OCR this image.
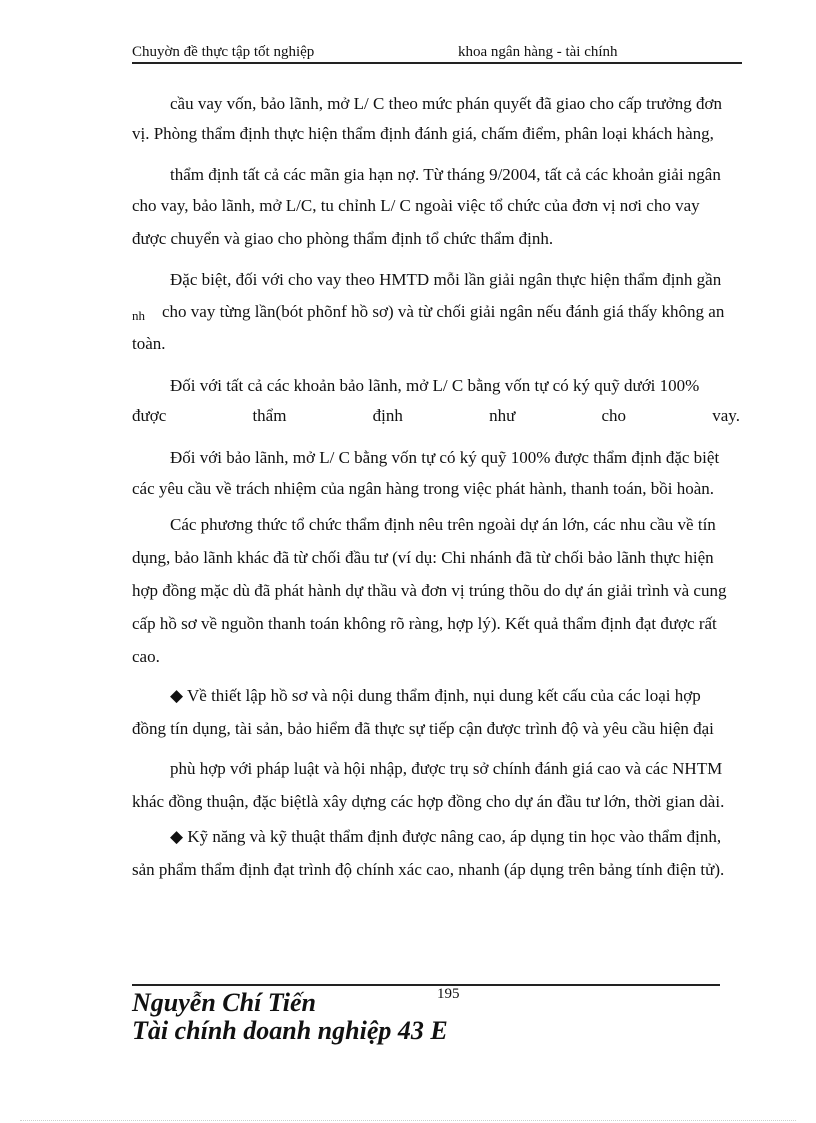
Chuyờn đề thực tập tốt nghiệp	khoa ngân hàng - tài chính
cầu vay vốn, bảo lãnh, mở L/ C theo mức phán quyết đã giao cho cấp trưởng đơn
vị. Phòng thẩm định thực hiện thẩm định đánh giá, chấm điểm, phân loại khách hàng,
thẩm định tất cả các mãn gia hạn nợ. Từ tháng 9/2004, tất cả các khoản giải ngân
cho vay, bảo lãnh, mở L/C, tu chỉnh L/ C ngoài việc tổ chức của đơn vị nơi cho vay
được chuyển và giao cho phòng thẩm định tổ chức thẩm định.
Đặc biệt, đối với cho vay theo HMTD mỗi lần giải ngân thực hiện thẩm định gần
nh cho vay từng lần(bót phõnf hồ sơ) và từ chối giải ngân nếu đánh giá thấy không an
toàn.
Đối với tất cả các khoản bảo lãnh, mở L/ C bằng vốn tự có ký quỹ dưới 100%
được	thẩm	định	như	cho	vay.
Đối với bảo lãnh, mở L/ C bằng vốn tự có ký quỹ 100% được thẩm định đặc biệt
các yêu cầu về trách nhiệm của ngân hàng trong việc phát hành, thanh toán, bồi hoàn.
Các phương thức tổ chức thẩm định nêu trên ngoài dự án lớn, các nhu cầu về tín
dụng, bảo lãnh khác đã từ chối đầu tư (ví dụ: Chi nhánh đã từ chối bảo lãnh thực hiện
hợp đồng mặc dù đã phát hành dự thầu và đơn vị trúng thõu do dự án giải trình và cung
cấp hồ sơ về nguồn thanh toán không rõ ràng, hợp lý). Kết quả thẩm định đạt được rất
cao.
◆ Về thiết lập hồ sơ và nội dung thẩm định, nụi dung kết cấu của các loại hợp
đồng tín dụng, tài sản, bảo hiểm đã thực sự tiếp cận được trình độ và yêu cầu hiện đại
phù hợp với pháp luật và hội nhập, được trụ sở chính đánh giá cao và các NHTM
khác đồng thuận, đặc biệtlà xây dựng các hợp đồng cho dự án đầu tư lớn, thời gian dài.
◆ Kỹ năng và kỹ thuật thẩm định được nâng cao, áp dụng tin học vào thẩm định,
sản phẩm thẩm định đạt trình độ chính xác cao, nhanh (áp dụng trên bảng tính điện tử).
195
Nguyễn Chí Tiến
Tài chính doanh nghiệp 43 E
